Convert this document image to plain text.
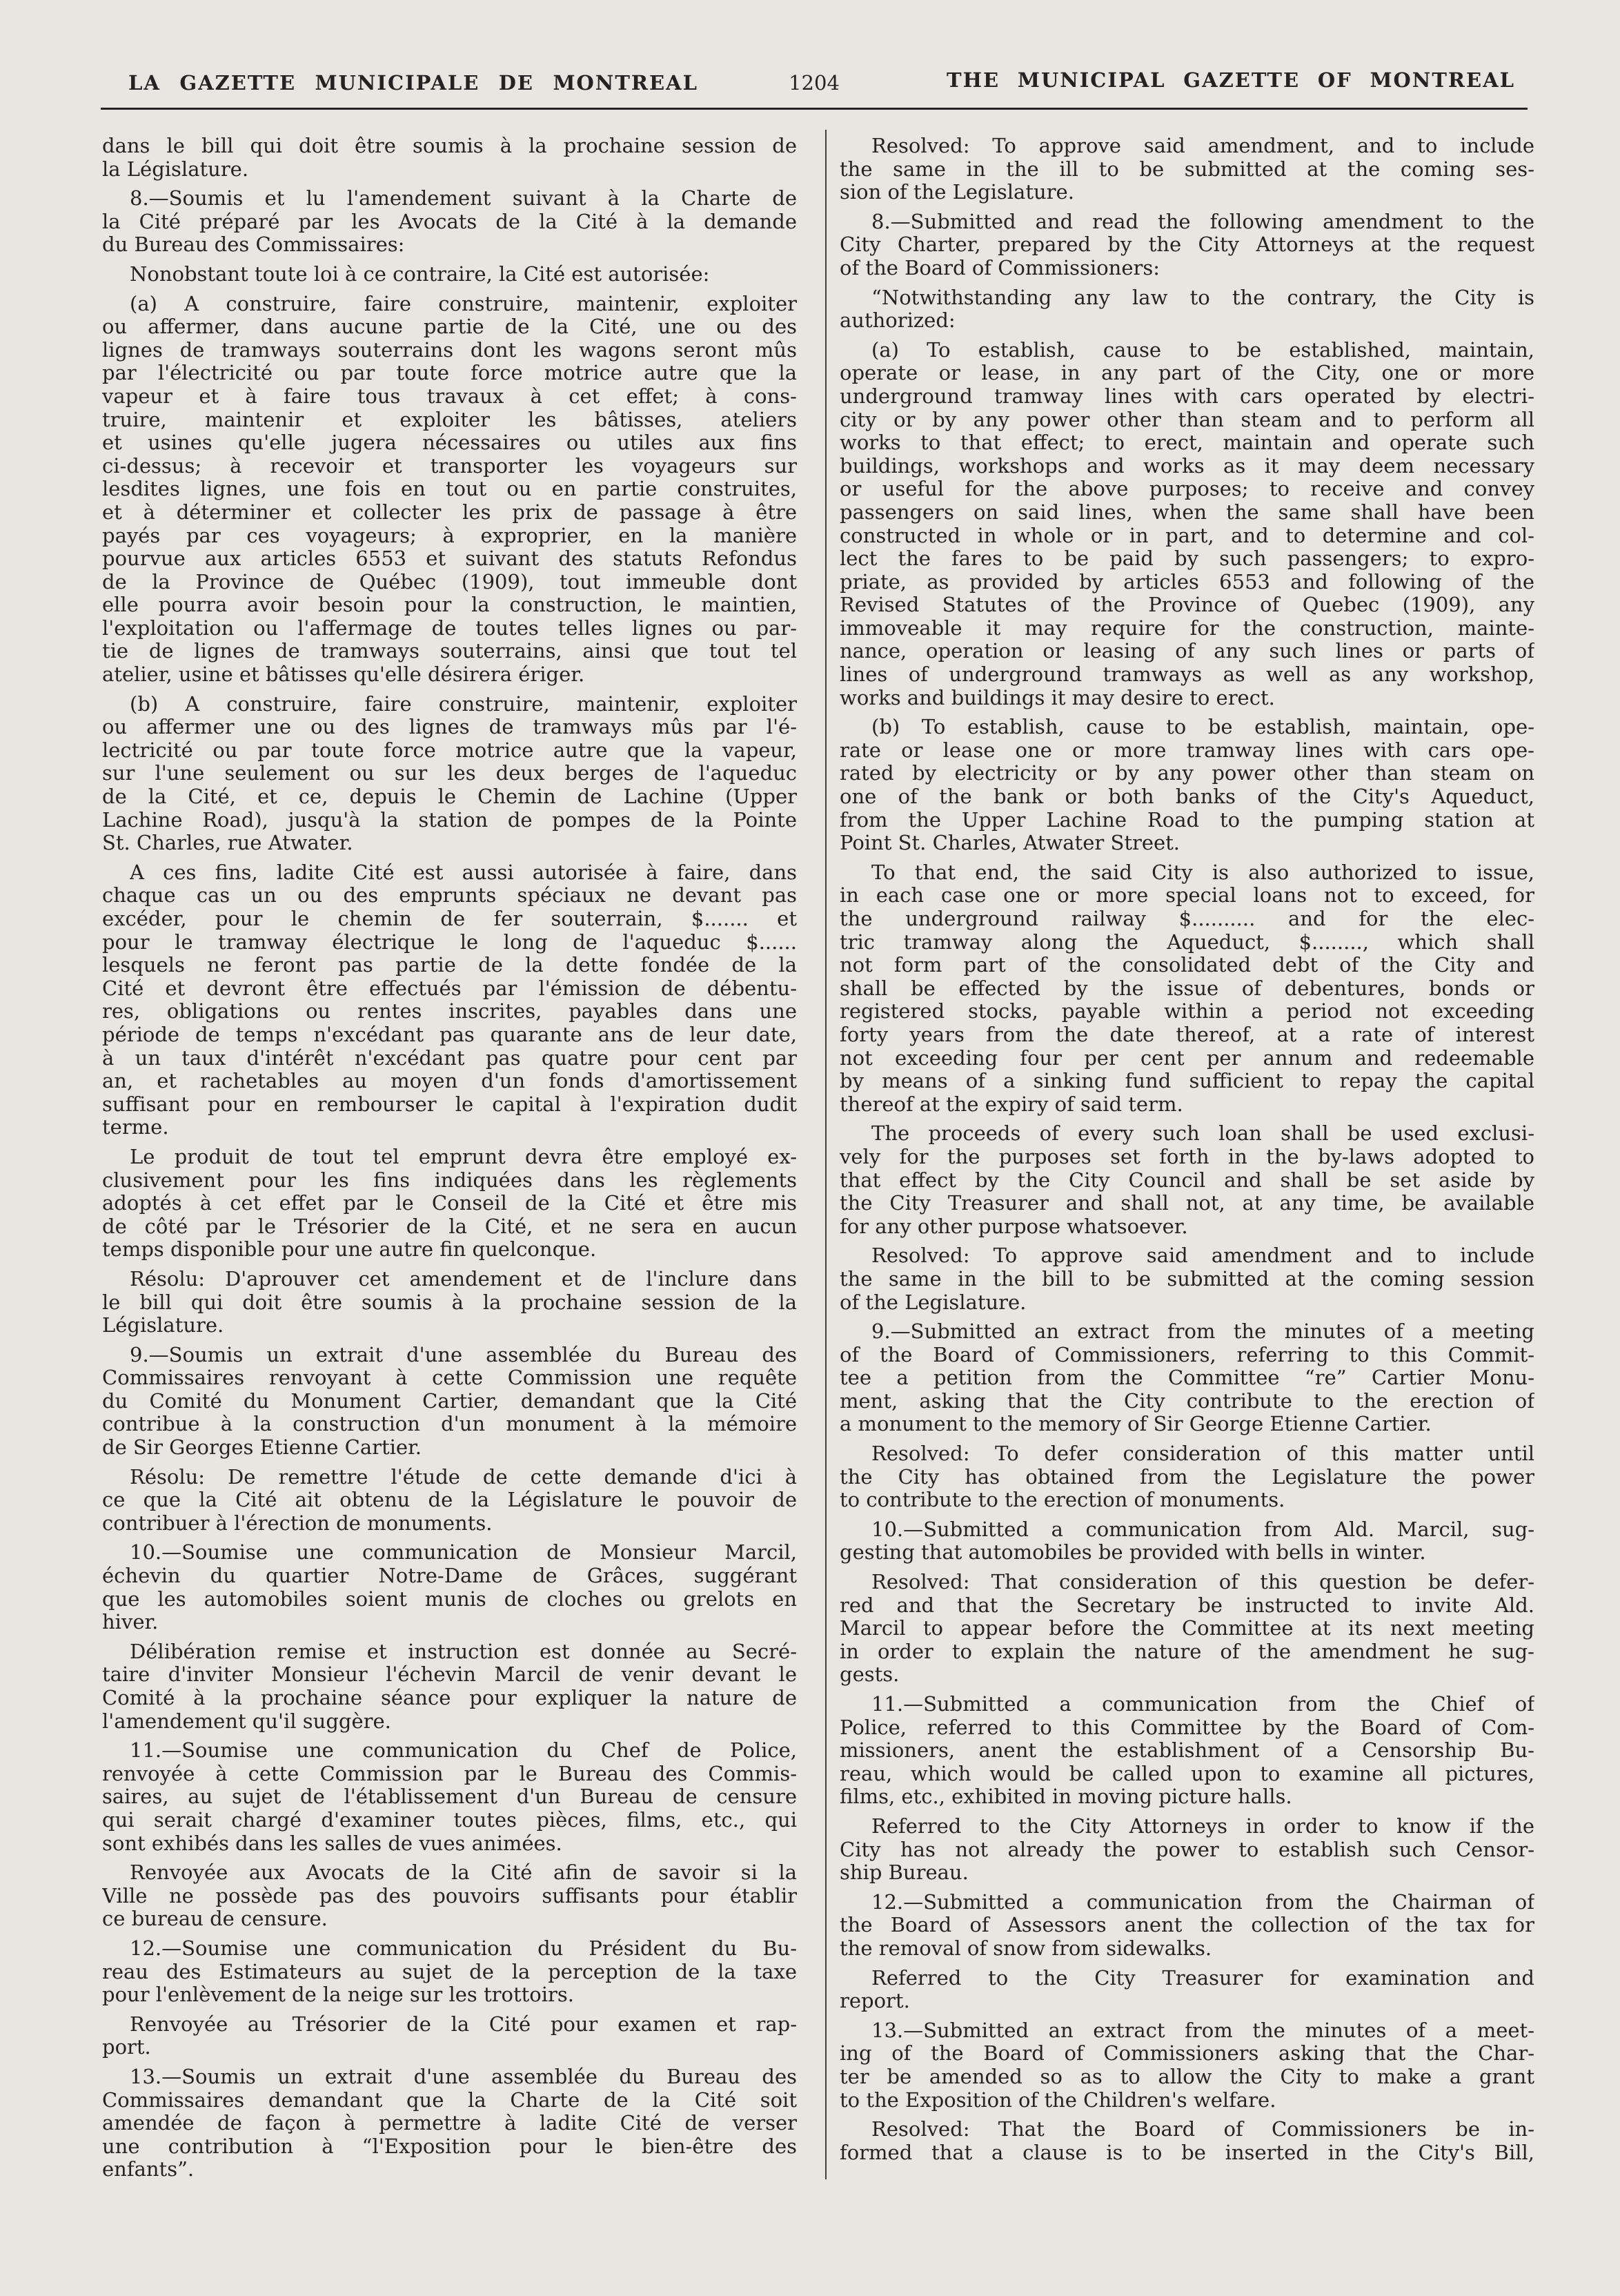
LA GAZETTE MUNICIPALE DE MONTREAL	1204	THE MUNICIPAL GAZETTE OF MONTREAL
dans le bill qui doit être soumis à la prochaine session de
la Législature.
8.—Soumis et lu l'amendement suivant à la Charte de
la Cité préparé par les Avocats de la Cité à la demande
du Bureau des Commissaires:
Nonobstant toute loi à ce contraire, la Cité est autorisée:
(a) A construire, faire construire, maintenir, exploiter
ou affermer, dans aucune partie de la Cité, une ou des
lignes de tramways souterrains dont les wagons seront mûs
par l'électricité ou par toute force motrice autre que la
vapeur et à faire tous travaux à cet effet; à cons-
truire, maintenir et exploiter les bâtisses, ateliers
et usines qu'elle jugera nécessaires ou utiles aux fins
ci-dessus; à recevoir et transporter les voyageurs sur
lesdites lignes, une fois en tout ou en partie construites,
et à déterminer et collecter les prix de passage à être
payés par ces voyageurs; à exproprier, en la manière
pourvue aux articles 6553 et suivant des statuts Refondus
de la Province de Québec (1909), tout immeuble dont
elle pourra avoir besoin pour la construction, le maintien,
l'exploitation ou l'affermage de toutes telles lignes ou par-
tie de lignes de tramways souterrains, ainsi que tout tel
atelier, usine et bâtisses qu'elle désirera ériger.
(b) A construire, faire construire, maintenir, exploiter
ou affermer une ou des lignes de tramways mûs par l'é-
lectricité ou par toute force motrice autre que la vapeur,
sur l'une seulement ou sur les deux berges de l'aqueduc
de la Cité, et ce, depuis le Chemin de Lachine (Upper
Lachine Road), jusqu'à la station de pompes de la Pointe
St. Charles, rue Atwater.
A ces fins, ladite Cité est aussi autorisée à faire, dans
chaque cas un ou des emprunts spéciaux ne devant pas
excéder, pour le chemin de fer souterrain, $....... et
pour le tramway électrique le long de l'aqueduc $......
lesquels ne feront pas partie de la dette fondée de la
Cité et devront être effectués par l'émission de débentu-
res, obligations ou rentes inscrites, payables dans une
période de temps n'excédant pas quarante ans de leur date,
à un taux d'intérêt n'excédant pas quatre pour cent par
an, et rachetables au moyen d'un fonds d'amortissement
suffisant pour en rembourser le capital à l'expiration dudit
terme.
Le produit de tout tel emprunt devra être employé ex-
clusivement pour les fins indiquées dans les règlements
adoptés à cet effet par le Conseil de la Cité et être mis
de côté par le Trésorier de la Cité, et ne sera en aucun
temps disponible pour une autre fin quelconque.
Résolu: D'aprouver cet amendement et de l'inclure dans
le bill qui doit être soumis à la prochaine session de la
Législature.
9.—Soumis un extrait d'une assemblée du Bureau des
Commissaires renvoyant à cette Commission une requête
du Comité du Monument Cartier, demandant que la Cité
contribue à la construction d'un monument à la mémoire
de Sir Georges Etienne Cartier.
Résolu: De remettre l'étude de cette demande d'ici à
ce que la Cité ait obtenu de la Législature le pouvoir de
contribuer à l'érection de monuments.
10.—Soumise une communication de Monsieur Marcil,
échevin du quartier Notre-Dame de Grâces, suggérant
que les automobiles soient munis de cloches ou grelots en
hiver.
Délibération remise et instruction est donnée au Secré-
taire d'inviter Monsieur l'échevin Marcil de venir devant le
Comité à la prochaine séance pour expliquer la nature de
l'amendement qu'il suggère.
11.—Soumise une communication du Chef de Police,
renvoyée à cette Commission par le Bureau des Commis-
saires, au sujet de l'établissement d'un Bureau de censure
qui serait chargé d'examiner toutes pièces, films, etc., qui
sont exhibés dans les salles de vues animées.
Renvoyée aux Avocats de la Cité afin de savoir si la
Ville ne possède pas des pouvoirs suffisants pour établir
ce bureau de censure.
12.—Soumise une communication du Président du Bu-
reau des Estimateurs au sujet de la perception de la taxe
pour l'enlèvement de la neige sur les trottoirs.
Renvoyée au Trésorier de la Cité pour examen et rap-
port.
13.—Soumis un extrait d'une assemblée du Bureau des
Commissaires demandant que la Charte de la Cité soit
amendée de façon à permettre à ladite Cité de verser
une contribution à “l'Exposition pour le bien-être des
enfants”.
Resolved: To approve said amendment, and to include
the same in the ill to be submitted at the coming ses-
sion of the Legislature.
8.—Submitted and read the following amendment to the
City Charter, prepared by the City Attorneys at the request
of the Board of Commissioners:
“Notwithstanding any law to the contrary, the City is
authorized:
(a) To establish, cause to be established, maintain,
operate or lease, in any part of the City, one or more
underground tramway lines with cars operated by electri-
city or by any power other than steam and to perform all
works to that effect; to erect, maintain and operate such
buildings, workshops and works as it may deem necessary
or useful for the above purposes; to receive and convey
passengers on said lines, when the same shall have been
constructed in whole or in part, and to determine and col-
lect the fares to be paid by such passengers; to expro-
priate, as provided by articles 6553 and following of the
Revised Statutes of the Province of Quebec (1909), any
immoveable it may require for the construction, mainte-
nance, operation or leasing of any such lines or parts of
lines of underground tramways as well as any workshop,
works and buildings it may desire to erect.
(b) To establish, cause to be establish, maintain, ope-
rate or lease one or more tramway lines with cars ope-
rated by electricity or by any power other than steam on
one of the bank or both banks of the City's Aqueduct,
from the Upper Lachine Road to the pumping station at
Point St. Charles, Atwater Street.
To that end, the said City is also authorized to issue,
in each case one or more special loans not to exceed, for
the underground railway $.......... and for the elec-
tric tramway along the Aqueduct, $........, which shall
not form part of the consolidated debt of the City and
shall be effected by the issue of debentures, bonds or
registered stocks, payable within a period not exceeding
forty years from the date thereof, at a rate of interest
not exceeding four per cent per annum and redeemable
by means of a sinking fund sufficient to repay the capital
thereof at the expiry of said term.
The proceeds of every such loan shall be used exclusi-
vely for the purposes set forth in the by-laws adopted to
that effect by the City Council and shall be set aside by
the City Treasurer and shall not, at any time, be available
for any other purpose whatsoever.
Resolved: To approve said amendment and to include
the same in the bill to be submitted at the coming session
of the Legislature.
9.—Submitted an extract from the minutes of a meeting
of the Board of Commissioners, referring to this Commit-
tee a petition from the Committee “re” Cartier Monu-
ment, asking that the City contribute to the erection of
a monument to the memory of Sir George Etienne Cartier.
Resolved: To defer consideration of this matter until
the City has obtained from the Legislature the power
to contribute to the erection of monuments.
10.—Submitted a communication from Ald. Marcil, sug-
gesting that automobiles be provided with bells in winter.
Resolved: That consideration of this question be defer-
red and that the Secretary be instructed to invite Ald.
Marcil to appear before the Committee at its next meeting
in order to explain the nature of the amendment he sug-
gests.
11.—Submitted a communication from the Chief of
Police, referred to this Committee by the Board of Com-
missioners, anent the establishment of a Censorship Bu-
reau, which would be called upon to examine all pictures,
films, etc., exhibited in moving picture halls.
Referred to the City Attorneys in order to know if the
City has not already the power to establish such Censor-
ship Bureau.
12.—Submitted a communication from the Chairman of
the Board of Assessors anent the collection of the tax for
the removal of snow from sidewalks.
Referred to the City Treasurer for examination and
report.
13.—Submitted an extract from the minutes of a meet-
ing of the Board of Commissioners asking that the Char-
ter be amended so as to allow the City to make a grant
to the Exposition of the Children's welfare.
Resolved: That the Board of Commissioners be in-
formed that a clause is to be inserted in the City's Bill,
